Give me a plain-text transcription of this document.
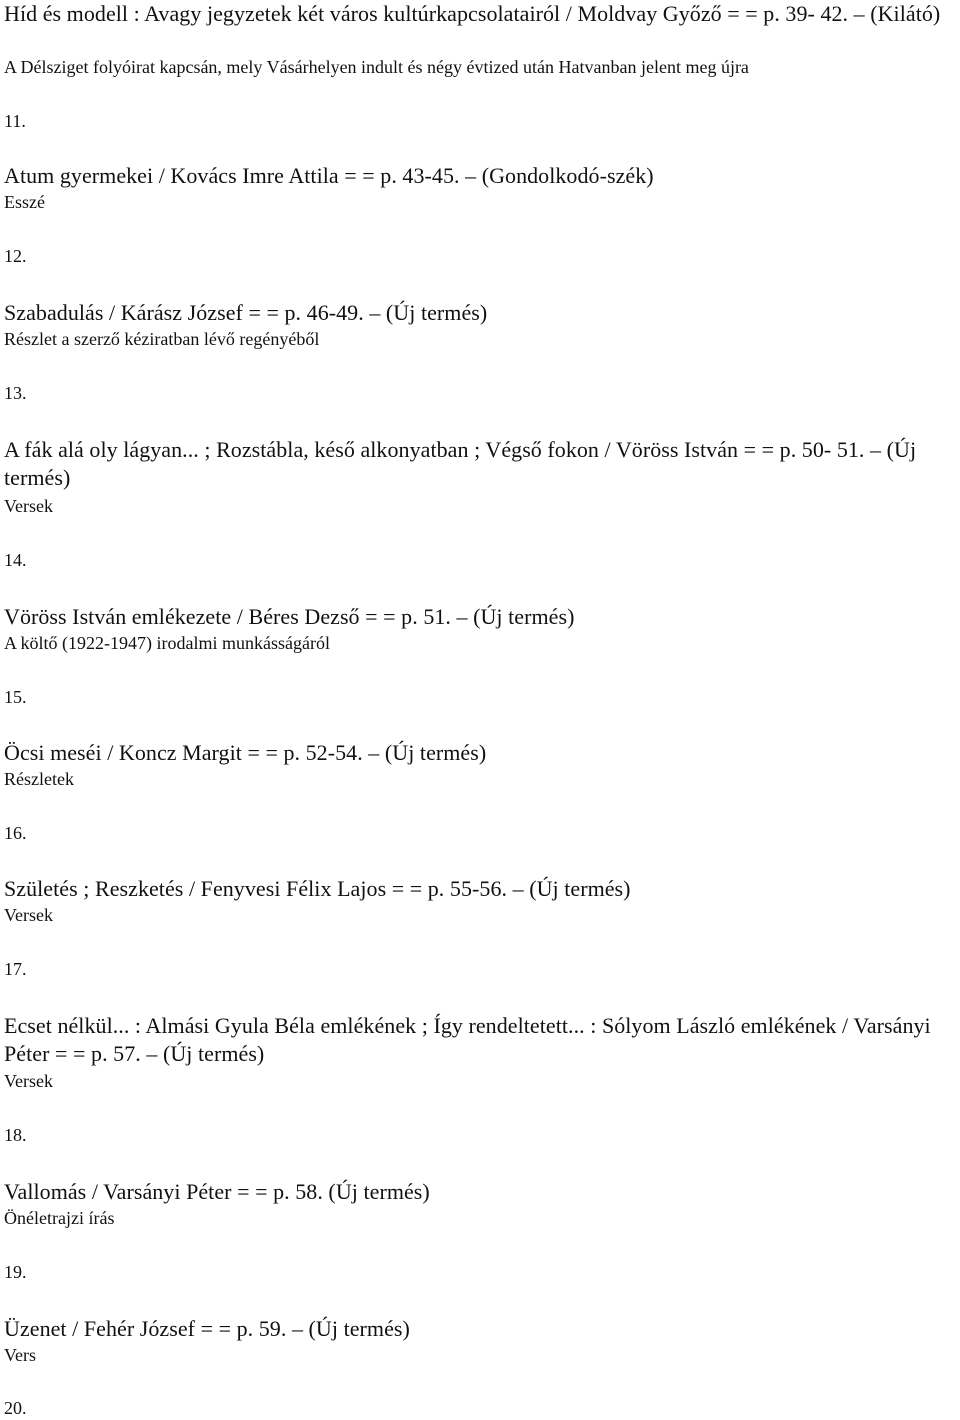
Híd és modell : Avagy jegyzetek két város kultúrkapcsolatairól / Moldvay Győző = = p. 39- 42. – (Kilátó)

A Délsziget folyóirat kapcsán, mely Vásárhelyen indult és négy évtized után Hatvanban jelent meg újra

11.

Atum gyermekei / Kovács Imre Attila = = p. 43-45. – (Gondolkodó-szék)

Esszé

12.

Szabadulás / Kárász József = = p. 46-49. – (Új termés)

Részlet a szerző kéziratban lévő regényéből

13.

A fák alá oly lágyan... ; Rozstábla, késő alkonyatban ; Végső fokon / Vöröss István = = p. 50- 51. – (Új termés)

Versek

14.

Vöröss István emlékezete / Béres Dezső = = p. 51. – (Új termés)

A költő (1922-1947) irodalmi munkásságáról

15.

Öcsi meséi / Koncz Margit = = p. 52-54. – (Új termés)

Részletek

16.

Születés ; Reszketés / Fenyvesi Félix Lajos = = p. 55-56. – (Új termés)

Versek

17.

Ecset nélkül... : Almási Gyula Béla emlékének ; Így rendeltetett... : Sólyom László emlékének / Varsányi Péter = = p. 57. – (Új termés)

Versek

18.

Vallomás / Varsányi Péter = = p. 58. (Új termés)

Önéletrajzi írás

19.

Üzenet / Fehér József = = p. 59. – (Új termés)

Vers

20.
